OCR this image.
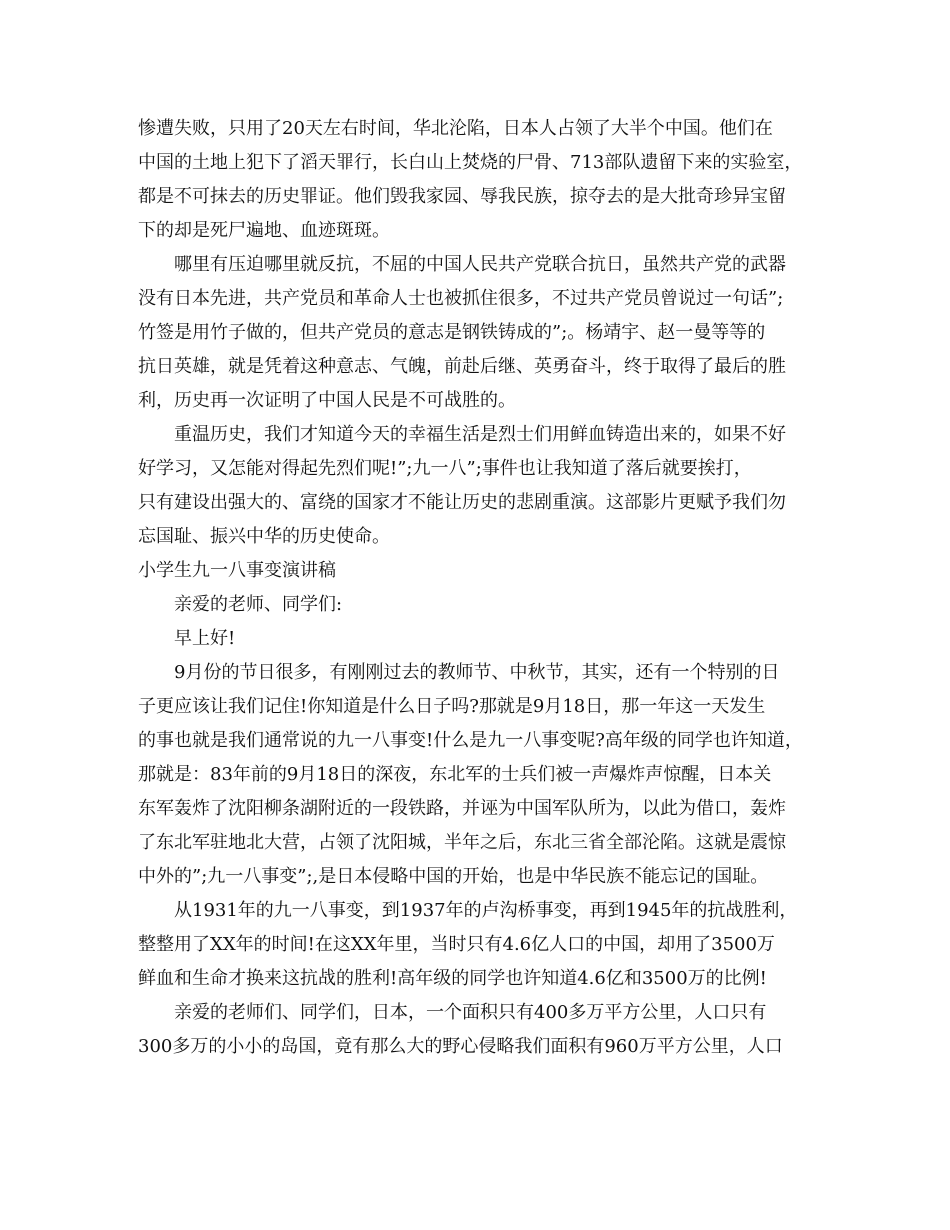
惨遭失败，只用了20天左右时间，华北沦陷，日本人占领了大半个中国。他们在
中国的土地上犯下了滔天罪行，长白山上焚烧的尸骨、713部队遗留下来的实验室，
都是不可抹去的历史罪证。他们毁我家园、辱我民族，掠夺去的是大批奇珍异宝留
下的却是死尸遍地、血迹斑斑。
哪里有压迫哪里就反抗，不屈的中国人民共产党联合抗日，虽然共产党的武器
没有日本先进，共产党员和革命人士也被抓住很多，不过共产党员曾说过一句话”;
竹签是用竹子做的，但共产党员的意志是钢铁铸成的”;。杨靖宇、赵一曼等等的
抗日英雄，就是凭着这种意志、气魄，前赴后继、英勇奋斗，终于取得了最后的胜
利，历史再一次证明了中国人民是不可战胜的。
重温历史，我们才知道今天的幸福生活是烈士们用鲜血铸造出来的，如果不好
好学习，又怎能对得起先烈们呢!”;九一八”;事件也让我知道了落后就要挨打，
只有建设出强大的、富绕的国家才不能让历史的悲剧重演。这部影片更赋予我们勿
忘国耻、振兴中华的历史使命。
小学生九一八事变演讲稿
亲爱的老师、同学们:
早上好!
9月份的节日很多，有刚刚过去的教师节、中秋节，其实，还有一个特别的日
子更应该让我们记住!你知道是什么日子吗?那就是9月18日，那一年这一天发生
的事也就是我们通常说的九一八事变!什么是九一八事变呢?高年级的同学也许知道，
那就是：83年前的9月18日的深夜，东北军的士兵们被一声爆炸声惊醒，日本关
东军轰炸了沈阳柳条湖附近的一段铁路，并诬为中国军队所为，以此为借口，轰炸
了东北军驻地北大营，占领了沈阳城，半年之后，东北三省全部沦陷。这就是震惊
中外的”;九一八事变”;,是日本侵略中国的开始，也是中华民族不能忘记的国耻。
从1931年的九一八事变，到1937年的卢沟桥事变，再到1945年的抗战胜利，
整整用了XX年的时间!在这XX年里，当时只有4.6亿人口的中国，却用了3500万
鲜血和生命才换来这抗战的胜利!高年级的同学也许知道4.6亿和3500万的比例!
亲爱的老师们、同学们，日本，一个面积只有400多万平方公里，人口只有
300多万的小小的岛国，竟有那么大的野心侵略我们面积有960万平方公里，人口
